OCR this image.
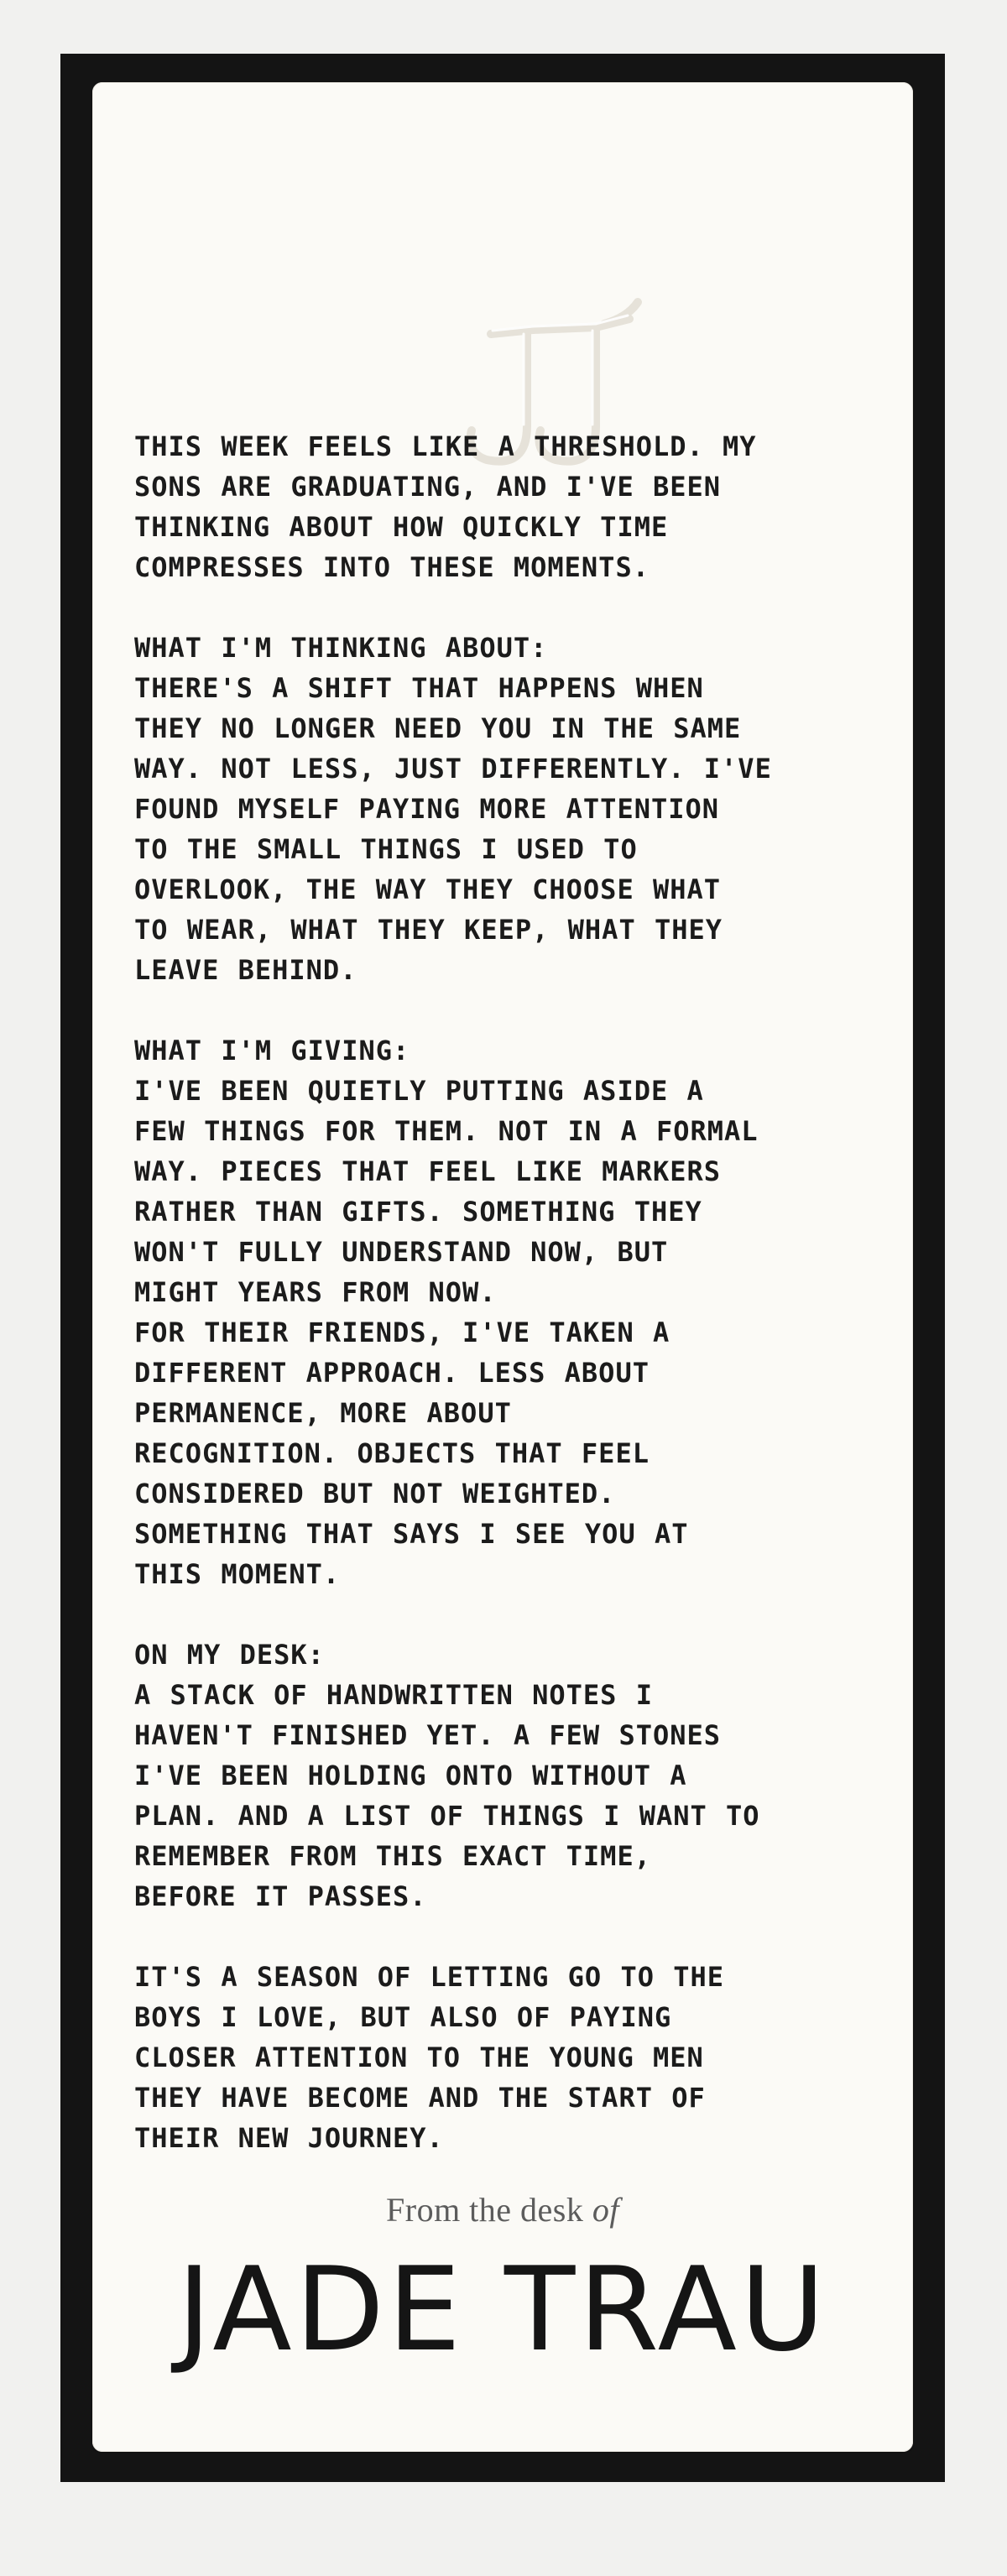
THIS WEEK FEELS LIKE A THRESHOLD. MY
SONS ARE GRADUATING, AND I'VE BEEN
THINKING ABOUT HOW QUICKLY TIME
COMPRESSES INTO THESE MOMENTS.

WHAT I'M THINKING ABOUT:
THERE'S A SHIFT THAT HAPPENS WHEN
THEY NO LONGER NEED YOU IN THE SAME
WAY. NOT LESS, JUST DIFFERENTLY. I'VE
FOUND MYSELF PAYING MORE ATTENTION
TO THE SMALL THINGS I USED TO
OVERLOOK, THE WAY THEY CHOOSE WHAT
TO WEAR, WHAT THEY KEEP, WHAT THEY
LEAVE BEHIND.

WHAT I'M GIVING:
I'VE BEEN QUIETLY PUTTING ASIDE A
FEW THINGS FOR THEM. NOT IN A FORMAL
WAY. PIECES THAT FEEL LIKE MARKERS
RATHER THAN GIFTS. SOMETHING THEY
WON'T FULLY UNDERSTAND NOW, BUT
MIGHT YEARS FROM NOW.
FOR THEIR FRIENDS, I'VE TAKEN A
DIFFERENT APPROACH. LESS ABOUT
PERMANENCE, MORE ABOUT
RECOGNITION. OBJECTS THAT FEEL
CONSIDERED BUT NOT WEIGHTED.
SOMETHING THAT SAYS I SEE YOU AT
THIS MOMENT.

ON MY DESK:
A STACK OF HANDWRITTEN NOTES I
HAVEN'T FINISHED YET. A FEW STONES
I'VE BEEN HOLDING ONTO WITHOUT A
PLAN. AND A LIST OF THINGS I WANT TO
REMEMBER FROM THIS EXACT TIME,
BEFORE IT PASSES.

IT'S A SEASON OF LETTING GO TO THE
BOYS I LOVE, BUT ALSO OF PAYING
CLOSER ATTENTION TO THE YOUNG MEN
THEY HAVE BECOME AND THE START OF
THEIR NEW JOURNEY.

From the desk of
JADE TRAU
